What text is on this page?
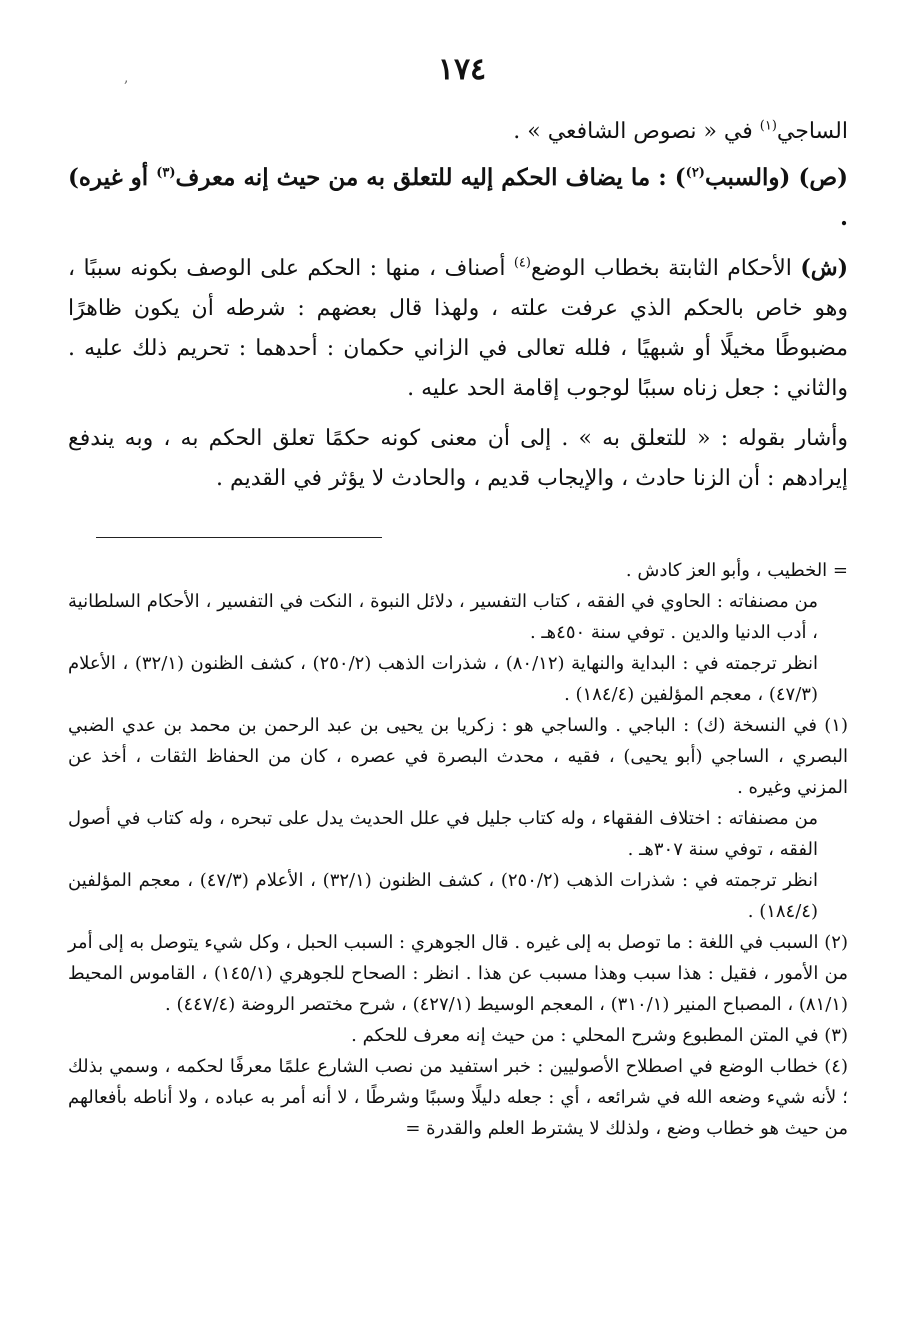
,	١٧٤

الساجي$^{(١)}$ في « نصوص الشافعي » .

(ص) (والسبب$^{(٢)}$) : ما يضاف الحكم إليه للتعلق به من حيث إنه معرف$^{(٣)}$ أو غيره) .

(ش) الأحكام الثابتة بخطاب الوضع$^{(٤)}$ أصناف ، منها : الحكم على الوصف بكونه سببًا ، وهو خاص بالحكم الذي عرفت علته ، ولهذا قال بعضهم : شرطه أن يكون ظاهرًا مضبوطًا مخيلًا أو شبهيًا ، فلله تعالى في الزاني حكمان : أحدهما : تحريم ذلك عليه . والثاني : جعل زناه سببًا لوجوب إقامة الحد عليه .

وأشار بقوله : « للتعلق به » . إلى أن معنى كونه حكمًا تعلق الحكم به ، وبه يندفع إيرادهم : أن الزنا حادث ، والإيجاب قديم ، والحادث لا يؤثر في القديم .

= الخطيب ، وأبو العز كادش .

من مصنفاته : الحاوي في الفقه ، كتاب التفسير ، دلائل النبوة ، النكت في التفسير ، الأحكام السلطانية ، أدب الدنيا والدين . توفي سنة ٤٥٠هـ .

انظر ترجمته في : البداية والنهاية (٨٠/١٢) ، شذرات الذهب (٢٥٠/٢) ، كشف الظنون (٣٢/١) ، الأعلام (٤٧/٣) ، معجم المؤلفين (١٨٤/٤) .

(١) في النسخة (ك) : الباجي . والساجي هو : زكريا بن يحيى بن عبد الرحمن بن محمد بن عدي الضبي البصري ، الساجي (أبو يحيى) ، فقيه ، محدث البصرة في عصره ، كان من الحفاظ الثقات ، أخذ عن المزني وغيره .

من مصنفاته : اختلاف الفقهاء ، وله كتاب جليل في علل الحديث يدل على تبحره ، وله كتاب في أصول الفقه ، توفي سنة ٣٠٧هـ .

انظر ترجمته في : شذرات الذهب (٢٥٠/٢) ، كشف الظنون (٣٢/١) ، الأعلام (٤٧/٣) ، معجم المؤلفين (١٨٤/٤) .

(٢) السبب في اللغة : ما توصل به إلى غيره . قال الجوهري : السبب الحبل ، وكل شيء يتوصل به إلى أمر من الأمور ، فقيل : هذا سبب وهذا مسبب عن هذا . انظر : الصحاح للجوهري (١٤٥/١) ، القاموس المحيط (٨١/١) ، المصباح المنير (٣١٠/١) ، المعجم الوسيط (٤٢٧/١) ، شرح مختصر الروضة (٤٤٧/٤) .

(٣) في المتن المطبوع وشرح المحلي : من حيث إنه معرف للحكم .

(٤) خطاب الوضع في اصطلاح الأصوليين : خبر استفيد من نصب الشارع علمًا معرفًا لحكمه ، وسمي بذلك ؛ لأنه شيء وضعه الله في شرائعه ، أي : جعله دليلًا وسببًا وشرطًا ، لا أنه أمر به عباده ، ولا أناطه بأفعالهم من حيث هو خطاب وضع ، ولذلك لا يشترط العلم والقدرة =
